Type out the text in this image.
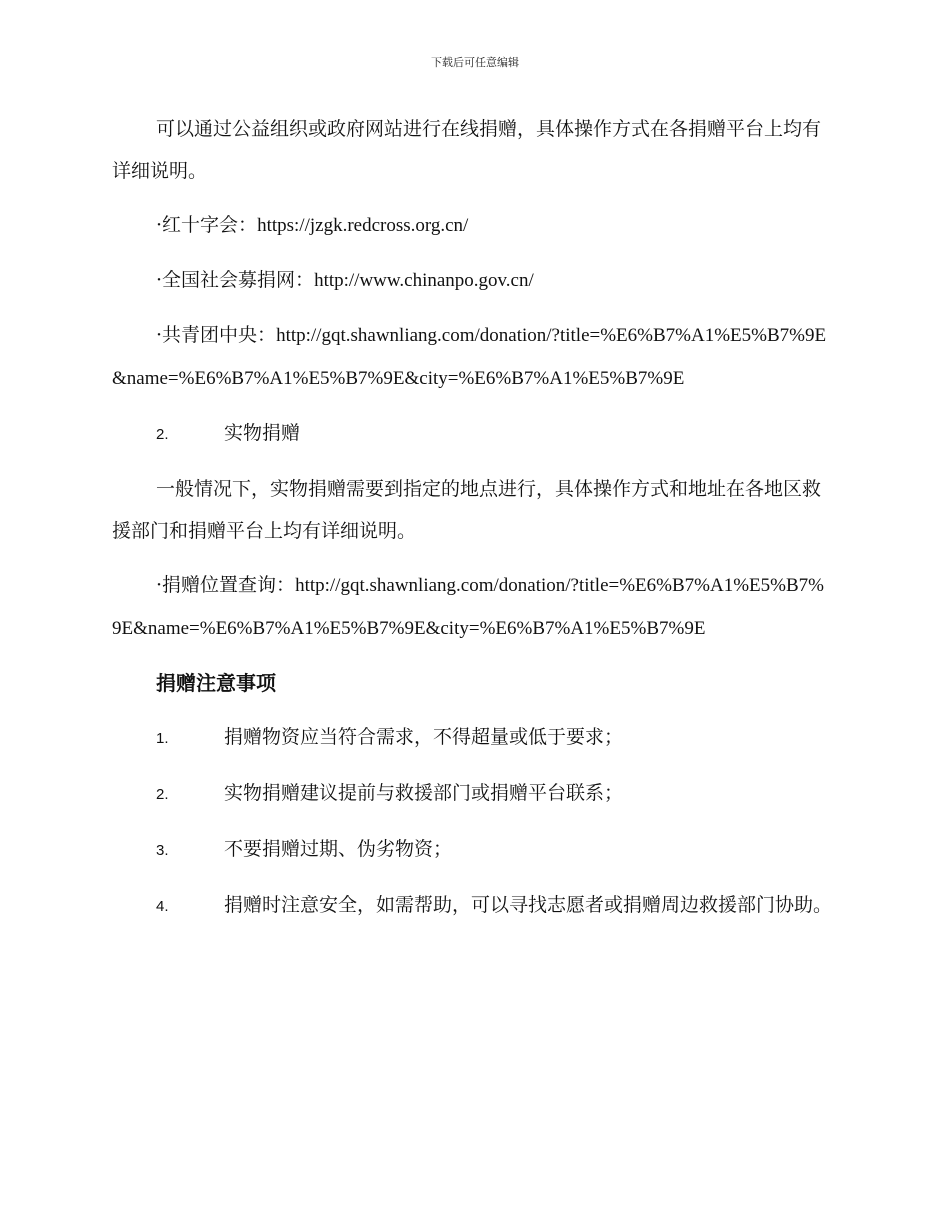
下载后可任意编辑

可以通过公益组织或政府网站进行在线捐赠，具体操作方式在各捐赠平台上均有详细说明。

·红十字会：https://jzgk.redcross.org.cn/

·全国社会募捐网：http://www.chinanpo.gov.cn/

·共青团中央：http://gqt.shawnliang.com/donation/?title=%E6%B7%A1%E5%B7%9E&name=%E6%B7%A1%E5%B7%9E&city=%E6%B7%A1%E5%B7%9E

2.	实物捐赠

一般情况下，实物捐赠需要到指定的地点进行，具体操作方式和地址在各地区救援部门和捐赠平台上均有详细说明。

·捐赠位置查询：http://gqt.shawnliang.com/donation/?title=%E6%B7%A1%E5%B7%9E&name=%E6%B7%A1%E5%B7%9E&city=%E6%B7%A1%E5%B7%9E

捐赠注意事项

1.	捐赠物资应当符合需求，不得超量或低于要求；

2.	实物捐赠建议提前与救援部门或捐赠平台联系；

3.	不要捐赠过期、伪劣物资；

4.	捐赠时注意安全，如需帮助，可以寻找志愿者或捐赠周边救援部门协助。
